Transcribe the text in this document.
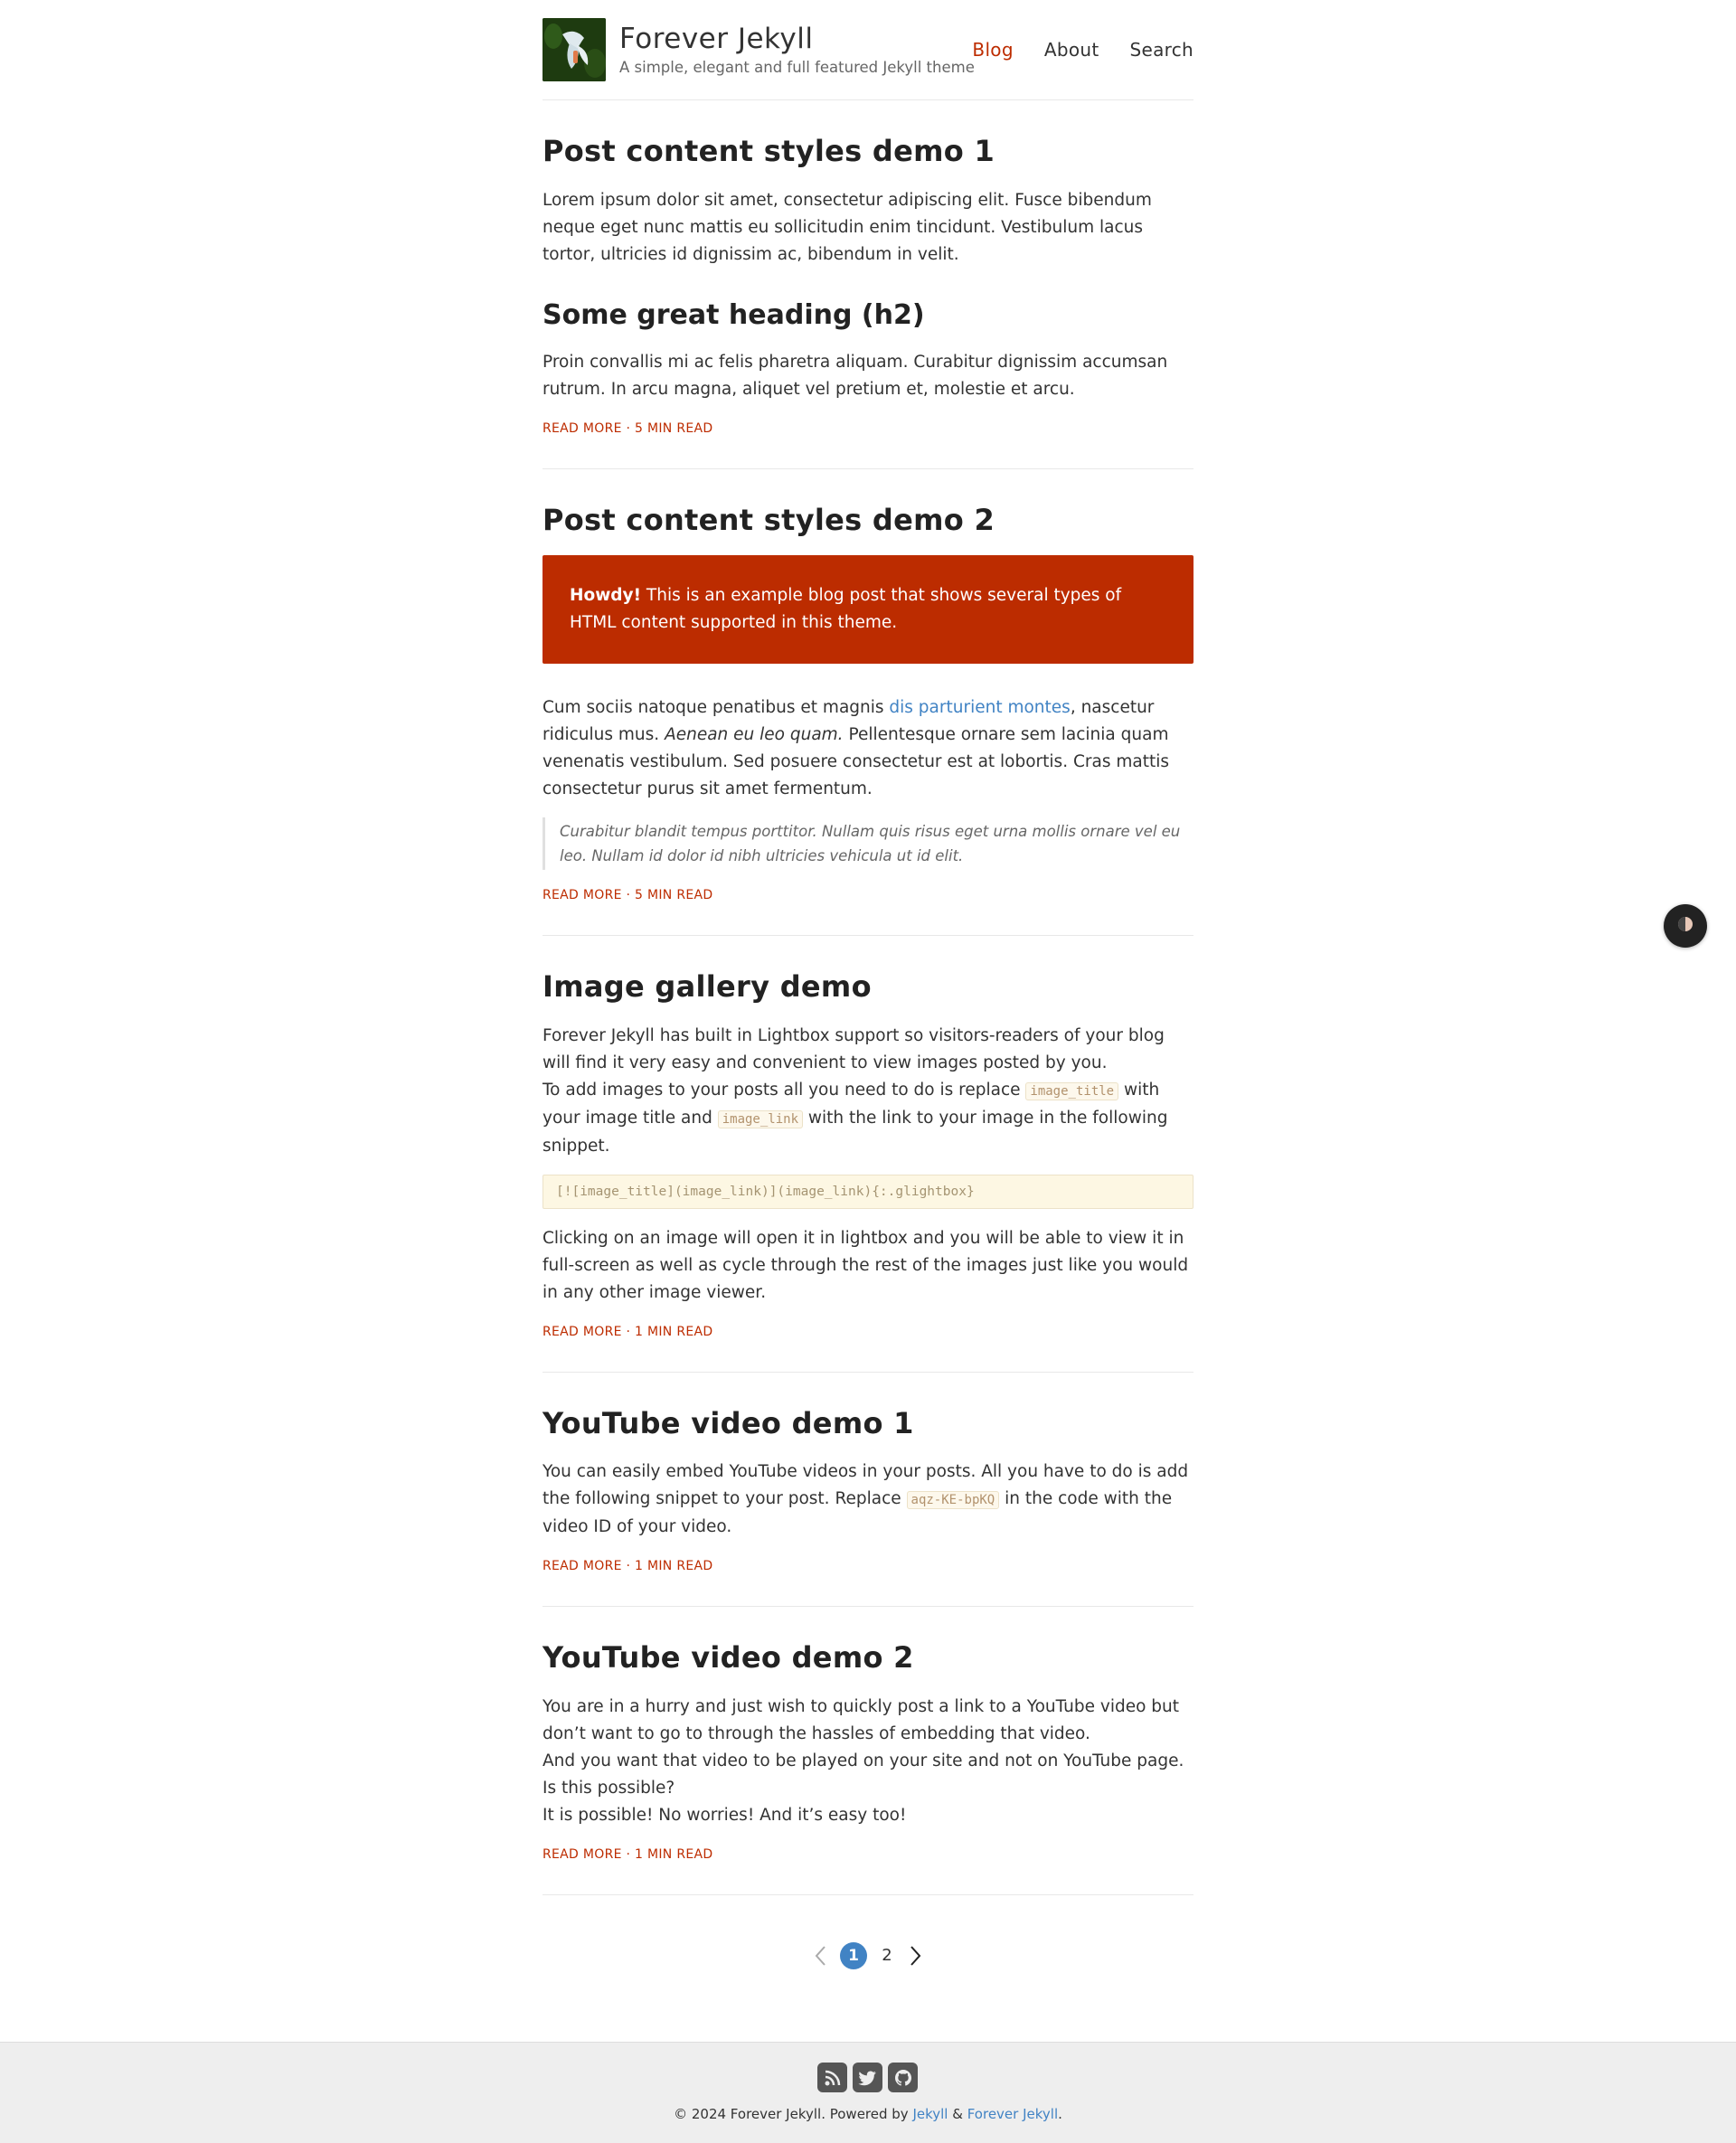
Forever Jekyll
A simple, elegant and full featured Jekyll theme
Blog About Search
Post content styles demo 1

Lorem ipsum dolor sit amet, consectetur adipiscing elit. Fusce bibendum neque eget nunc mattis eu sollicitudin enim tincidunt. Vestibulum lacus tortor, ultricies id dignissim ac, bibendum in velit.

Some great heading (h2)

Proin convallis mi ac felis pharetra aliquam. Curabitur dignissim accumsan rutrum. In arcu magna, aliquet vel pretium et, molestie et arcu.

READ MORE · 5 MIN READ
Post content styles demo 2
Howdy! This is an example blog post that shows several types of HTML content supported in this theme.

Cum sociis natoque penatibus et magnis dis parturient montes, nascetur ridiculus mus. Aenean eu leo quam. Pellentesque ornare sem lacinia quam venenatis vestibulum. Sed posuere consectetur est at lobortis. Cras mattis consectetur purus sit amet fermentum.

Curabitur blandit tempus porttitor. Nullam quis risus eget urna mollis ornare vel eu leo. Nullam id dolor id nibh ultricies vehicula ut id elit.
READ MORE · 5 MIN READ
Image gallery demo

Forever Jekyll has built in Lightbox support so visitors-readers of your blog will find it very easy and convenient to view images posted by you.

To add images to your posts all you need to do is replace image_title with your image title and image_link with the link to your image in the following snippet.

[![image_title](image_link)](image_link){:.glightbox}

Clicking on an image will open it in lightbox and you will be able to view it in full-screen as well as cycle through the rest of the images just like you would in any other image viewer.

READ MORE · 1 MIN READ
YouTube video demo 1

You can easily embed YouTube videos in your posts. All you have to do is add the following snippet to your post. Replace aqz-KE-bpKQ in the code with the video ID of your video.

READ MORE · 1 MIN READ
YouTube video demo 2

You are in a hurry and just wish to quickly post a link to a YouTube video but don’t want to go to through the hassles of embedding that video.

And you want that video to be played on your site and not on YouTube page. Is this possible?

It is possible! No worries! And it’s easy too!

READ MORE · 1 MIN READ
1	2
© 2024 Forever Jekyll. Powered by Jekyll & Forever Jekyll.
